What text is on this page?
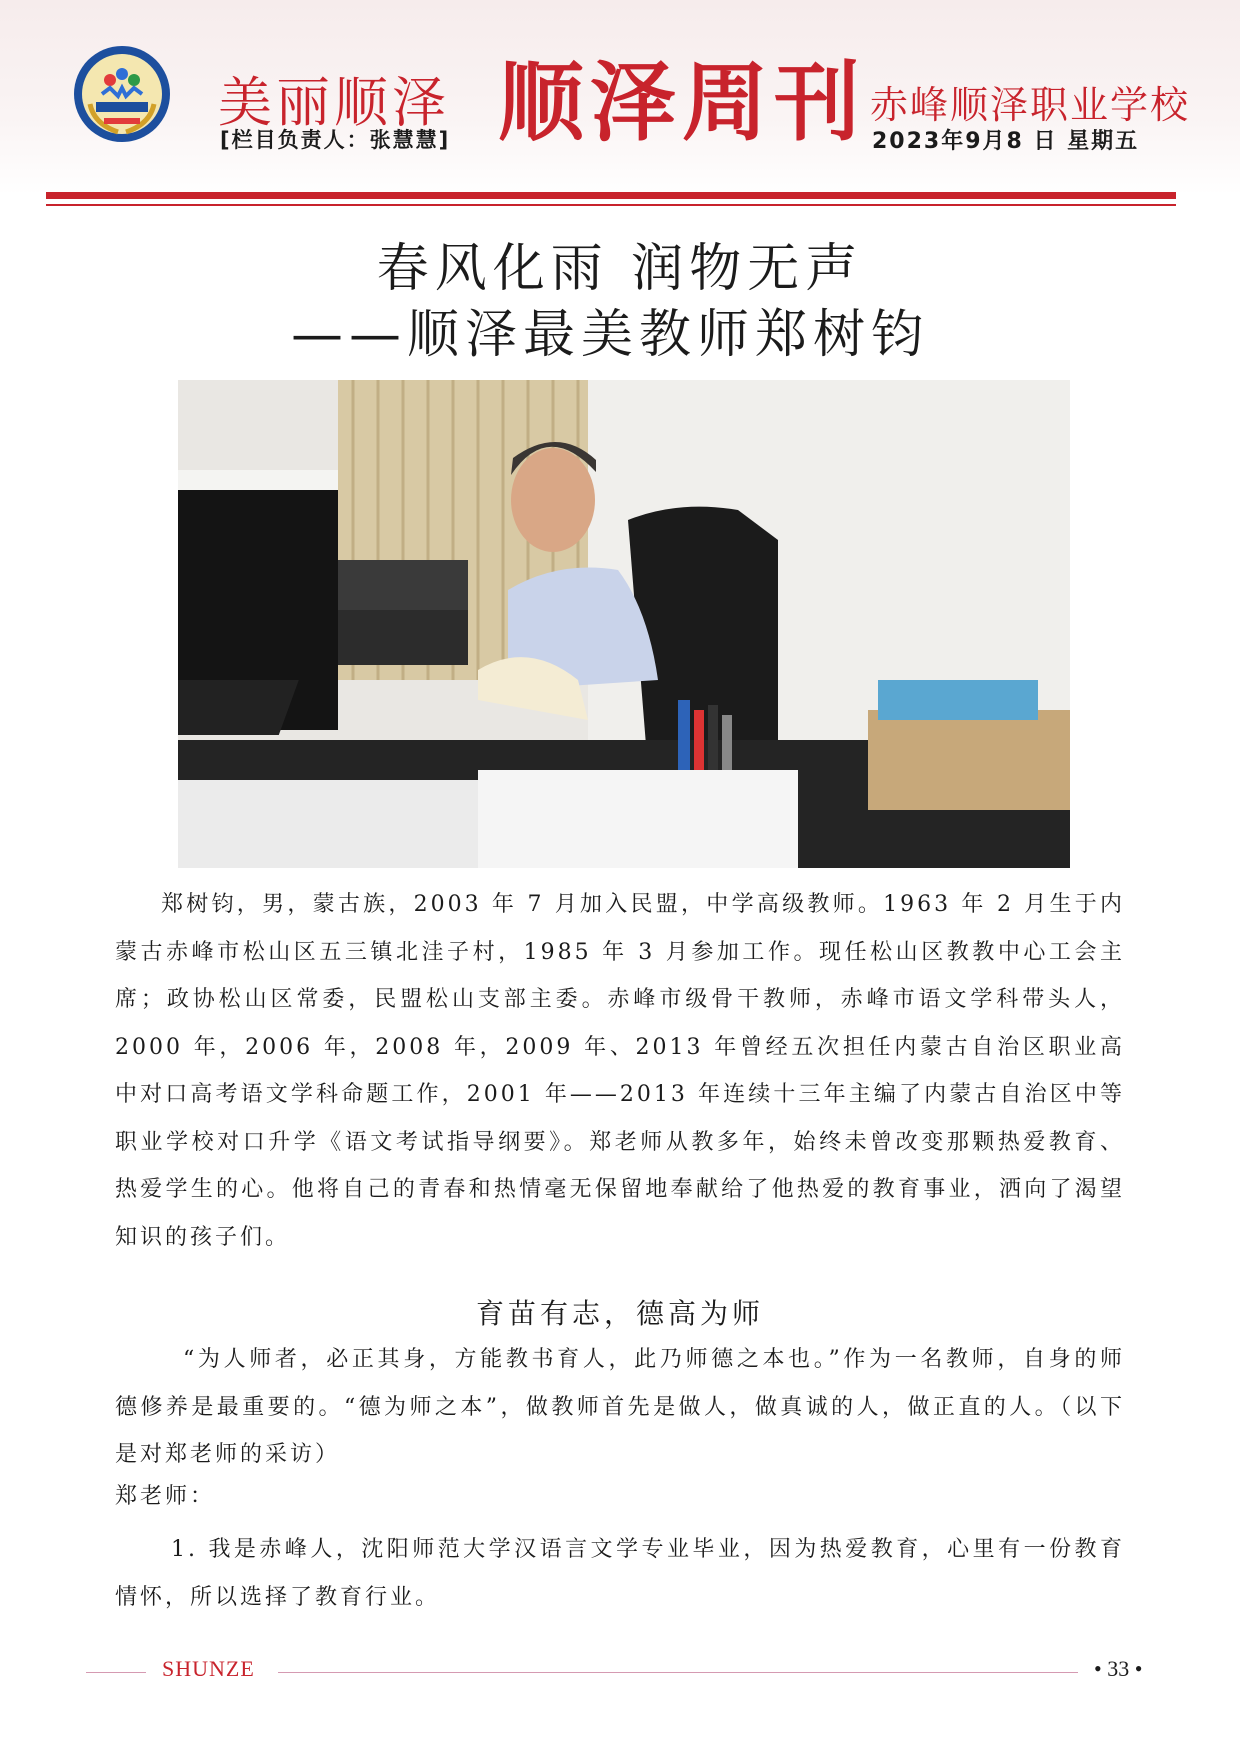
美丽顺泽
[栏目负责人：张慧慧] 顺泽周刊 赤峰顺泽职业学校
2023年9月8 日 星期五
春风化雨 润物无声
——顺泽最美教师郑树钧
郑树钧，男，蒙古族，2003 年 7 月加入民盟，中学高级教师。1963 年 2 月生于内蒙古赤峰市松山区五三镇北洼子村，1985 年 3 月参加工作。现任松山区教教中心工会主席；政协松山区常委，民盟松山支部主委。赤峰市级骨干教师，赤峰市语文学科带头人，2000 年，2006 年，2008 年，2009 年、2013 年曾经五次担任内蒙古自治区职业高中对口高考语文学科命题工作，2001 年——2013 年连续十三年主编了内蒙古自治区中等职业学校对口升学《语文考试指导纲要》。郑老师从教多年，始终未曾改变那颗热爱教育、热爱学生的心。他将自己的青春和热情毫无保留地奉献给了他热爱的教育事业，洒向了渴望知识的孩子们。
育苗有志，德高为师
“为人师者，必正其身，方能教书育人，此乃师德之本也。”作为一名教师，自身的师德修养是最重要的。“德为师之本”，做教师首先是做人，做真诚的人，做正直的人。（以下是对郑老师的采访）
郑老师：
1. 我是赤峰人，沈阳师范大学汉语言文学专业毕业，因为热爱教育，心里有一份教育情怀，所以选择了教育行业。
SHUNZE	• 33 •
